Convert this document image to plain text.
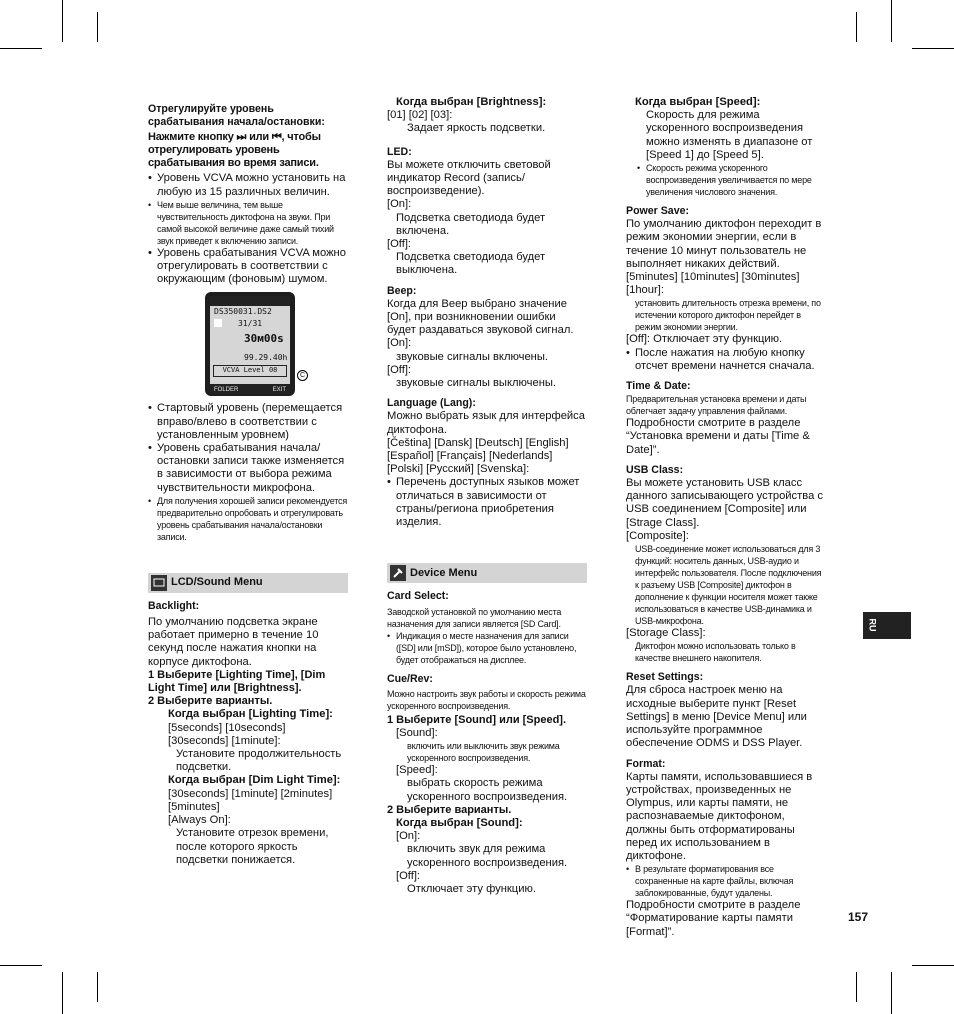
Отрегулируйте уровень срабатывания начала/остановки:

Нажмите кнопку ⏭ или ⏮, чтобы отрегулировать уровень срабатывания во время записи.

• Уровень VCVA можно установить на любую из 15 различных величин.

• Чем выше величина, тем выше чувствительность диктофона на звуки. При самой высокой величине даже самый тихий звук приведет к включению записи.

• Уровень срабатывания VCVA можно отрегулировать в соответствии с окружающим (фоновым) шумом.

DS350031.DS2
31/31
30м00s
99.29.40h
VCVA Level 08
FOLDER	EXIT
C

• Стартовый уровень (перемещается вправо/влево в соответствии с установленным уровнем)

• Уровень срабатывания начала/остановки записи также изменяется в зависимости от выбора режима чувствительности микрофона.

• Для получения хорошей записи рекомендуется предварительно опробовать и отрегулировать уровень срабатывания начала/остановки записи.

LCD/Sound Menu

Backlight:

По умолчанию подсветка экране работает примерно в течение 10 секунд после нажатия кнопки на корпусе диктофона.

1 Выберите [Lighting Time], [Dim Light Time] или [Brightness].

2 Выберите варианты.

Когда выбран [Lighting Time]:

[5seconds] [10seconds] [30seconds] [1minute]:

Установите продолжительность подсветки.

Когда выбран [Dim Light Time]:

[30seconds] [1minute] [2minutes] [5minutes]

[Always On]:

Установите отрезок времени, после которого яркость подсветки понижается.

Когда выбран [Brightness]:

[01] [02] [03]:

Задает яркость подсветки.

LED:

Вы можете отключить световой индикатор Record (запись/воспроизведение).

[On]:

Подсветка светодиода будет включена.

[Off]:

Подсветка светодиода будет выключена.

Beep:

Когда для Beep выбрано значение [On], при возникновении ошибки будет раздаваться звуковой сигнал.

[On]:

звуковые сигналы включены.

[Off]:

звуковые сигналы выключены.

Language (Lang):

Можно выбрать язык для интерфейса диктофона.

[Čeština] [Dansk] [Deutsch] [English] [Español] [Français] [Nederlands] [Polski] [Русский] [Svenska]:

• Перечень доступных языков может отличаться в зависимости от страны/региона приобретения изделия.

Device Menu

Card Select:

Заводской установкой по умолчанию места назначения для записи является [SD Card].

• Индикация о месте назначения для записи ([SD] или [mSD]), которое было установлено, будет отображаться на дисплее.

Cue/Rev:

Можно настроить звук работы и скорость режима ускоренного воспроизведения.

1 Выберите [Sound] или [Speed].

[Sound]:

включить или выключить звук режима ускоренного воспроизведения.

[Speed]:

выбрать скорость режима ускоренного воспроизведения.

2 Выберите варианты.

Когда выбран [Sound]:

[On]:

включить звук для режима ускоренного воспроизведения.

[Off]:

Отключает эту функцию.

Когда выбран [Speed]:

Скорость для режима ускоренного воспроизведения можно изменять в диапазоне от [Speed 1] до [Speed 5].

• Скорость режима ускоренного воспроизведения увеличивается по мере увеличения числового значения.

Power Save:

По умолчанию диктофон переходит в режим экономии энергии, если в течение 10 минут пользователь не выполняет никаких действий.

[5minutes] [10minutes] [30minutes] [1hour]:

установить длительность отрезка времени, по истечении которого диктофон перейдет в режим экономии энергии.

[Off]: Отключает эту функцию.

• После нажатия на любую кнопку отсчет времени начнется сначала.

Time & Date:

Предварительная установка времени и даты облегчает задачу управления файлами.

Подробности смотрите в разделе “Установка времени и даты [Time & Date]”.

USB Class:

Вы можете установить USB класс данного записывающего устройства с USB соединением [Composite] или [Strage Class].

[Composite]:

USB-соединение может использоваться для 3 функций: носитель данных, USB-аудио и интерфейс пользователя. После подключения к разъему USB [Composite] диктофон в дополнение к функции носителя может также использоваться в качестве USB-динамика и USB-микрофона.

[Storage Class]:

Диктофон можно использовать только в качестве внешнего накопителя.

Reset Settings:

Для сброса настроек меню на исходные выберите пункт [Reset Settings] в меню [Device Menu] или используйте программное обеспечение ODMS и DSS Player.

Format:

Карты памяти, использовавшиеся в устройствах, произведенных не Olympus, или карты памяти, не распознаваемые диктофоном, должны быть отформатированы перед их использованием в диктофоне.

• В результате форматирования все сохраненные на карте файлы, включая заблокированные, будут удалены.

Подробности смотрите в разделе “Форматирование карты памяти [Format]”.

RU
157
